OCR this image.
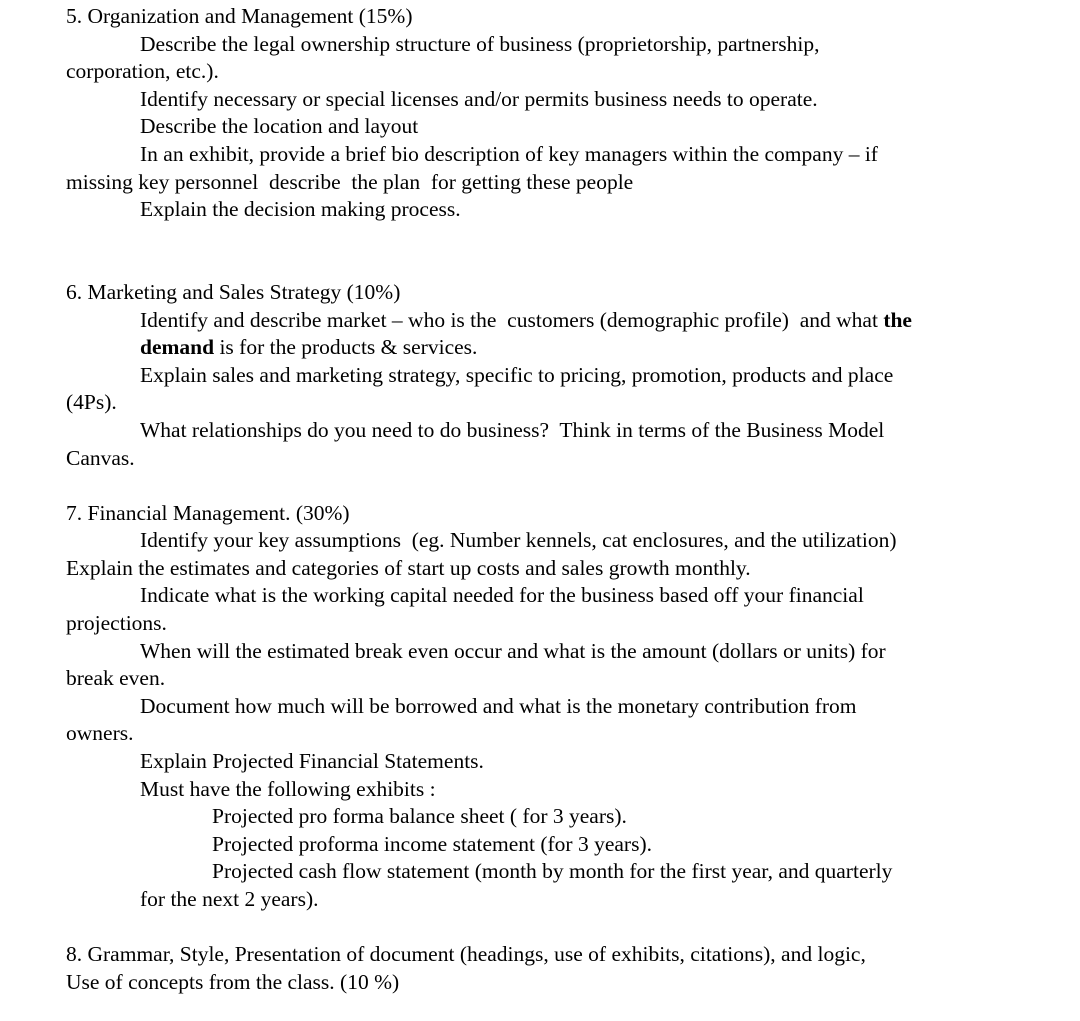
5. Organization and Management (15%)
Describe the legal ownership structure of business (proprietorship, partnership,
corporation, etc.).
Identify necessary or special licenses and/or permits business needs to operate.
Describe the location and layout
In an exhibit, provide a brief bio description of key managers within the company – if
missing key personnel  describe  the plan  for getting these people
Explain the decision making process.

6. Marketing and Sales Strategy (10%)
Identify and describe market – who is the  customers (demographic profile)  and what the
demand is for the products & services.
Explain sales and marketing strategy, specific to pricing, promotion, products and place
(4Ps).
What relationships do you need to do business?  Think in terms of the Business Model
Canvas.

7. Financial Management. (30%)
Identify your key assumptions  (eg. Number kennels, cat enclosures, and the utilization)
Explain the estimates and categories of start up costs and sales growth monthly.
Indicate what is the working capital needed for the business based off your financial
projections.
When will the estimated break even occur and what is the amount (dollars or units) for
break even.
Document how much will be borrowed and what is the monetary contribution from
owners.
Explain Projected Financial Statements.
Must have the following exhibits :
Projected pro forma balance sheet ( for 3 years).
Projected proforma income statement (for 3 years).
Projected cash flow statement (month by month for the first year, and quarterly
for the next 2 years).

8. Grammar, Style, Presentation of document (headings, use of exhibits, citations), and logic,
Use of concepts from the class. (10 %)
